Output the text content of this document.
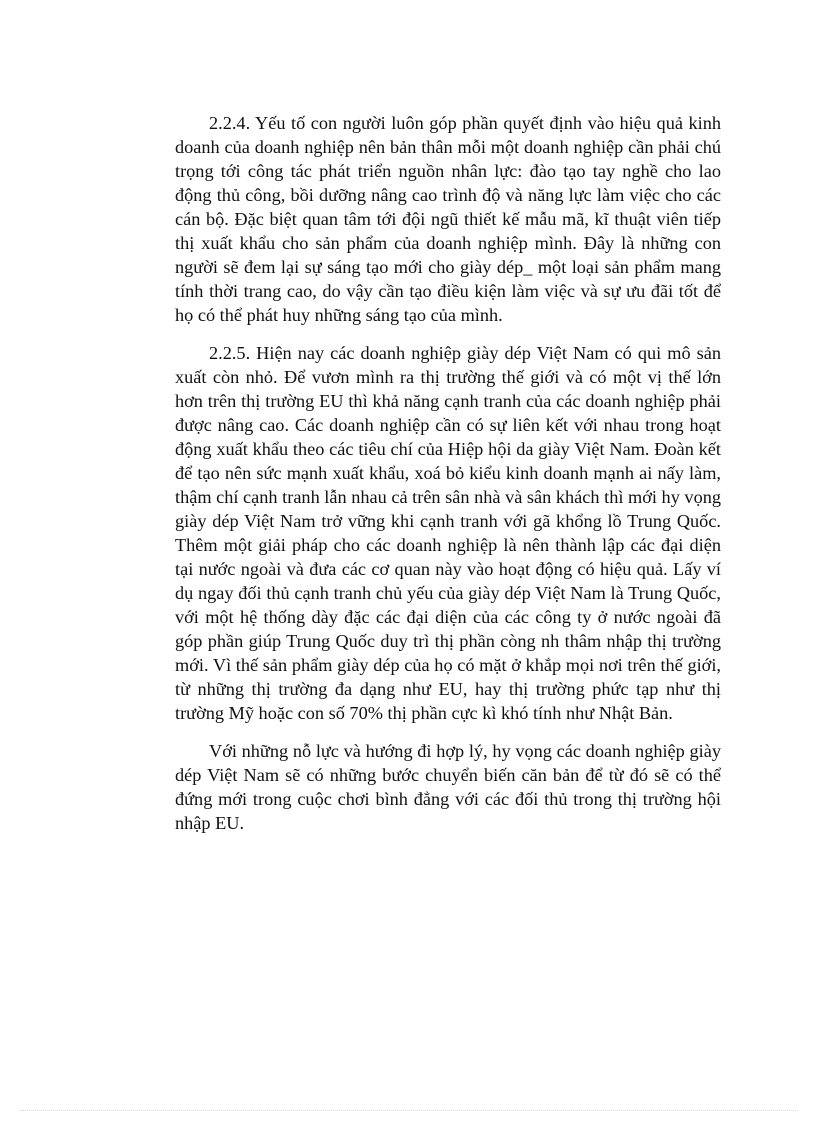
2.2.4. Yếu tố con người luôn góp phần quyết định vào hiệu quả kinh doanh của doanh nghiệp nên bản thân mỗi một doanh nghiệp cần phải chú trọng tới công tác phát triển nguồn nhân lực: đào tạo tay nghề cho lao động thủ công, bồi dưỡng nâng cao trình độ và năng lực làm việc cho các cán bộ. Đặc biệt quan tâm tới đội ngũ thiết kế mẫu mã, kĩ thuật viên tiếp thị xuất khẩu cho sản phẩm của doanh nghiệp mình. Đây là những con người sẽ đem lại sự sáng tạo mới cho giày dép_ một loại sản phẩm mang tính thời trang cao, do vậy cần tạo điều kiện làm việc và sự ưu đãi tốt để họ có thể phát huy những sáng tạo của mình.

2.2.5. Hiện nay các doanh nghiệp giày dép Việt Nam có qui mô sản xuất còn nhỏ. Để vươn mình ra thị trường thế giới và có một vị thế lớn hơn trên thị trường EU thì khả năng cạnh tranh của các doanh nghiệp phải được nâng cao. Các doanh nghiệp cần có sự liên kết với nhau trong hoạt động xuất khẩu theo các tiêu chí của Hiệp hội da giày Việt Nam. Đoàn kết để tạo nên sức mạnh xuất khẩu, xoá bỏ kiểu kinh doanh mạnh ai nấy làm, thậm chí cạnh tranh lẫn nhau cả trên sân nhà và sân khách thì mới hy vọng giày dép Việt Nam trở vững khi cạnh tranh với gã khổng lồ Trung Quốc. Thêm một giải pháp cho các doanh nghiệp là nên thành lập các đại diện tại nước ngoài và đưa các cơ quan này vào hoạt động có hiệu quả. Lấy ví dụ ngay đối thủ cạnh tranh chủ yếu của giày dép Việt Nam là Trung Quốc, với một hệ thống dày đặc các đại diện của các công ty ở nước ngoài đã góp phần giúp Trung Quốc duy trì thị phần còng nh thâm nhập thị trường mới. Vì thế sản phẩm giày dép của họ có mặt ở khắp mọi nơi trên thế giới, từ những thị trường đa dạng như EU, hay thị trường phức tạp như thị trường Mỹ hoặc con số 70% thị phần cực kì khó tính như Nhật Bản.

Với những nỗ lực và hướng đi hợp lý, hy vọng các doanh nghiệp giày dép Việt Nam sẽ có những bước chuyển biến căn bản để từ đó sẽ có thể đứng mới trong cuộc chơi bình đẳng với các đối thủ trong thị trường hội nhập EU.
